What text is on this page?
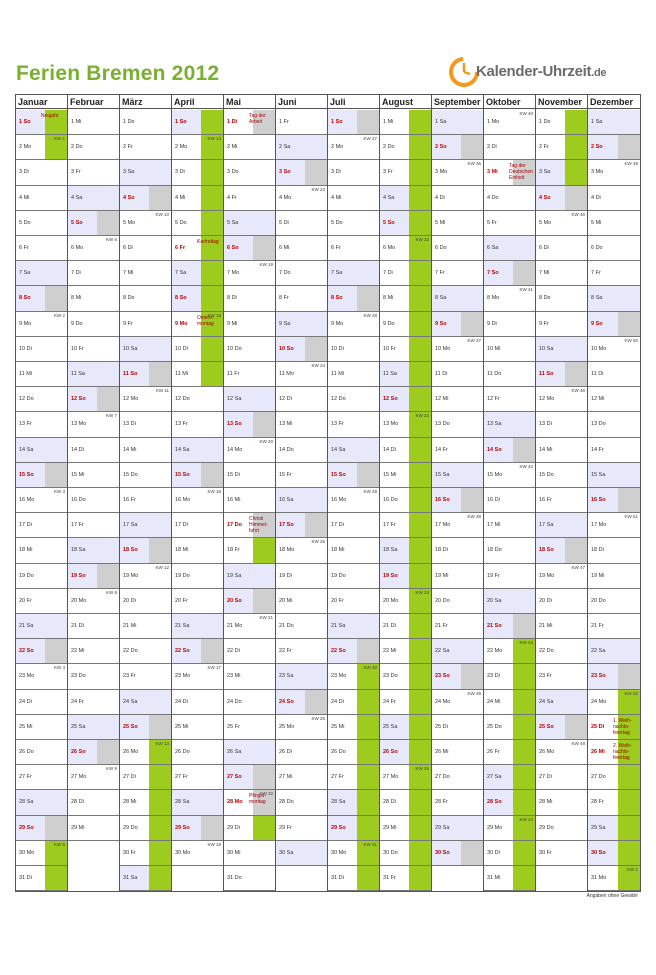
Ferien Bremen 2012	Kalender-Uhrzeit.de
Januar
1 So
Neujahr
2 Mo
KW 1
3 Di
4 Mi
5 Do
6 Fr
7 Sa
8 So
9 Mo
KW 2
10 Di
11 Mi
12 Do
13 Fr
14 Sa
15 So
16 Mo
KW 3
17 Di
18 Mi
19 Do
20 Fr
21 Sa
22 So
23 Mo
KW 4
24 Di
25 Mi
26 Do
27 Fr
28 Sa
29 So
30 Mo
KW 5
31 Di
Februar
1 Mi
2 Do
3 Fr
4 Sa
5 So
6 Mo
KW 6
7 Di
8 Mi
9 Do
10 Fr
11 Sa
12 So
13 Mo
KW 7
14 Di
15 Mi
16 Do
17 Fr
18 Sa
19 So
20 Mo
KW 8
21 Di
22 Mi
23 Do
24 Fr
25 Sa
26 So
27 Mo
KW 9
28 Di
29 Mi
März
1 Do
2 Fr
3 Sa
4 So
5 Mo
KW 10
6 Di
7 Mi
8 Do
9 Fr
10 Sa
11 So
12 Mo
KW 11
13 Di
14 Mi
15 Do
16 Fr
17 Sa
18 So
19 Mo
KW 12
20 Di
21 Mi
22 Do
23 Fr
24 Sa
25 So
26 Mo
KW 13
27 Di
28 Mi
29 Do
30 Fr
31 Sa
April
1 So
2 Mo
KW 14
3 Di
4 Mi
5 Do
6 Fr
Karfreitag
7 Sa
8 So
9 Mo
Ostern-montag
KW 15
10 Di
11 Mi
12 Do
13 Fr
14 Sa
15 So
16 Mo
KW 16
17 Di
18 Mi
19 Do
20 Fr
21 Sa
22 So
23 Mo
KW 17
24 Di
25 Mi
26 Do
27 Fr
28 Sa
29 So
30 Mo
KW 18
Mai
1 Di
Tag der Arbeit
2 Mi
3 Do
4 Fr
5 Sa
6 So
7 Mo
KW 19
8 Di
9 Mi
10 Do
11 Fr
12 Sa
13 So
14 Mo
KW 20
15 Di
16 Mi
17 Do
Christi Himmel-fahrt
18 Fr
19 Sa
20 So
21 Mo
KW 21
22 Di
23 Mi
24 Do
25 Fr
26 Sa
27 So
28 Mo
Pfingst-montag
KW 22
29 Di
30 Mi
31 Do
Juni
1 Fr
2 Sa
3 So
4 Mo
KW 23
5 Di
6 Mi
7 Do
8 Fr
9 Sa
10 So
11 Mo
KW 24
12 Di
13 Mi
14 Do
15 Fr
16 Sa
17 So
18 Mo
KW 25
19 Di
20 Mi
21 Do
22 Fr
23 Sa
24 So
25 Mo
KW 26
26 Di
27 Mi
28 Do
29 Fr
30 Sa
Juli
1 So
2 Mo
KW 27
3 Di
4 Mi
5 Do
6 Fr
7 Sa
8 So
9 Mo
KW 28
10 Di
11 Mi
12 Do
13 Fr
14 Sa
15 So
16 Mo
KW 29
17 Di
18 Mi
19 Do
20 Fr
21 Sa
22 So
23 Mo
KW 30
24 Di
25 Mi
26 Do
27 Fr
28 Sa
29 So
30 Mo
KW 31
31 Di
August
1 Mi
2 Do
3 Fr
4 Sa
5 So
6 Mo
KW 32
7 Di
8 Mi
9 Do
10 Fr
11 Sa
12 So
13 Mo
KW 33
14 Di
15 Mi
16 Do
17 Fr
18 Sa
19 So
20 Mo
KW 34
21 Di
22 Mi
23 Do
24 Fr
25 Sa
26 So
27 Mo
KW 35
28 Di
29 Mi
30 Do
31 Fr
September
1 Sa
2 So
3 Mo
KW 36
4 Di
5 Mi
6 Do
7 Fr
8 Sa
9 So
10 Mo
KW 37
11 Di
12 Mi
13 Do
14 Fr
15 Sa
16 So
17 Mo
KW 38
18 Di
19 Mi
20 Do
21 Fr
22 Sa
23 So
24 Mo
KW 39
25 Di
26 Mi
27 Do
28 Fr
29 Sa
30 So
Oktober
1 Mo
KW 40
2 Di
3 Mi
Tag der Deutschen Einheit
4 Do
5 Fr
6 Sa
7 So
8 Mo
KW 41
9 Di
10 Mi
11 Do
12 Fr
13 Sa
14 So
15 Mo
KW 42
16 Di
17 Mi
18 Do
19 Fr
20 Sa
21 So
22 Mo
KW 43
23 Di
24 Mi
25 Do
26 Fr
27 Sa
28 So
29 Mo
KW 44
30 Di
31 Mi
November
1 Do
2 Fr
3 Sa
4 So
5 Mo
KW 45
6 Di
7 Mi
8 Do
9 Fr
10 Sa
11 So
12 Mo
KW 46
13 Di
14 Mi
15 Do
16 Fr
17 Sa
18 So
19 Mo
KW 47
20 Di
21 Mi
22 Do
23 Fr
24 Sa
25 So
26 Mo
KW 48
27 Di
28 Mi
29 Do
30 Fr
Dezember
1 Sa
2 So
3 Mo
KW 49
4 Di
5 Mi
6 Do
7 Fr
8 Sa
9 So
10 Mo
KW 50
11 Di
12 Mi
13 Do
14 Fr
15 Sa
16 So
17 Mo
KW 51
18 Di
19 Mi
20 Do
21 Fr
22 Sa
23 So
24 Mo
KW 52
25 Di
1. Weih-nachts-feiertag
26 Mi
2. Weih-nachts-feiertag
27 Do
28 Fr
29 Sa
30 So
31 Mo
KW 1
Angaben ohne Gewähr
